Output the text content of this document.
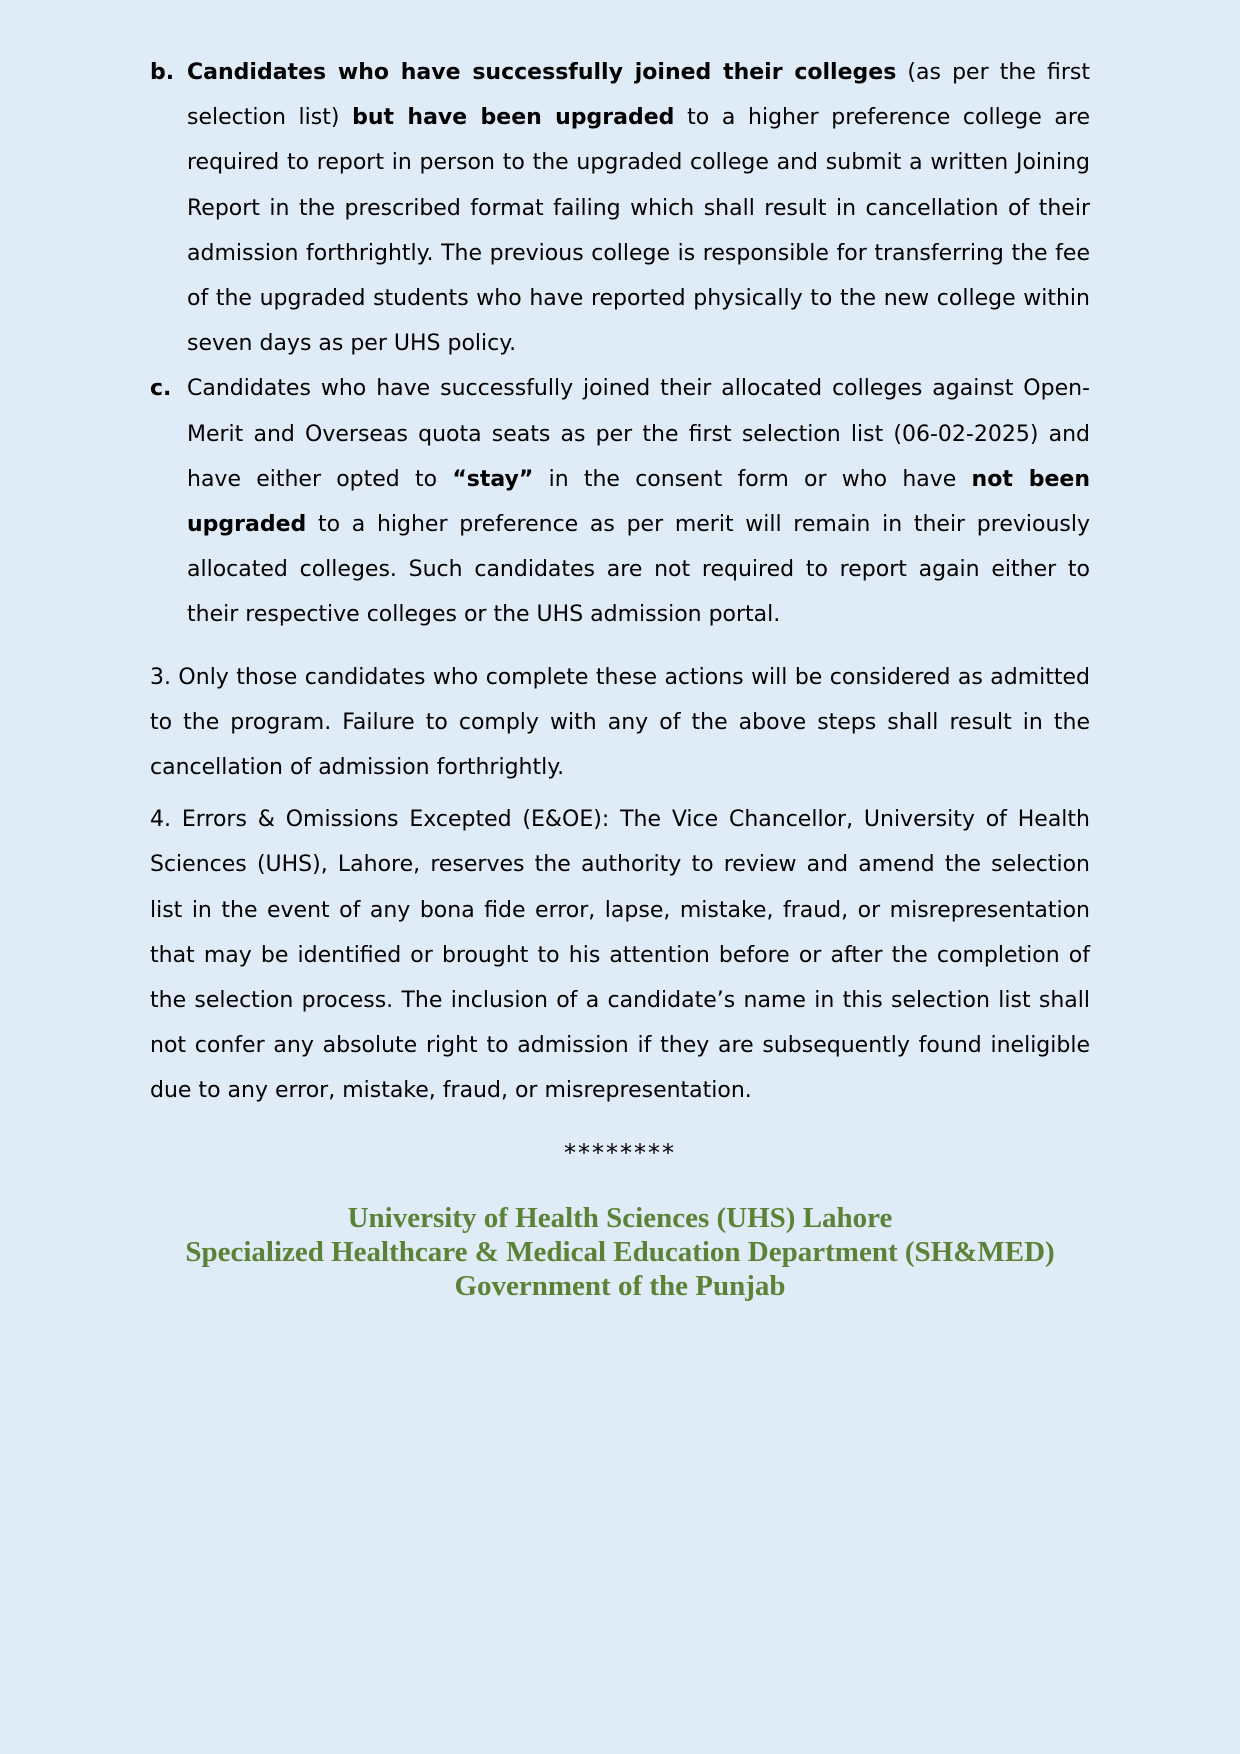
b. Candidates who have successfully joined their colleges (as per the first selection list) but have been upgraded to a higher preference college are required to report in person to the upgraded college and submit a written Joining Report in the prescribed format failing which shall result in cancellation of their admission forthrightly. The previous college is responsible for transferring the fee of the upgraded students who have reported physically to the new college within seven days as per UHS policy.

c. Candidates who have successfully joined their allocated colleges against Open-Merit and Overseas quota seats as per the first selection list (06-02-2025) and have either opted to “stay” in the consent form or who have not been upgraded to a higher preference as per merit will remain in their previously allocated colleges. Such candidates are not required to report again either to their respective colleges or the UHS admission portal.

3. Only those candidates who complete these actions will be considered as admitted to the program. Failure to comply with any of the above steps shall result in the cancellation of admission forthrightly.

4. Errors & Omissions Excepted (E&OE): The Vice Chancellor, University of Health Sciences (UHS), Lahore, reserves the authority to review and amend the selection list in the event of any bona fide error, lapse, mistake, fraud, or misrepresentation that may be identified or brought to his attention before or after the completion of the selection process. The inclusion of a candidate’s name in this selection list shall not confer any absolute right to admission if they are subsequently found ineligible due to any error, mistake, fraud, or misrepresentation.

********
University of Health Sciences (UHS) Lahore
Specialized Healthcare & Medical Education Department (SH&MED)
Government of the Punjab
